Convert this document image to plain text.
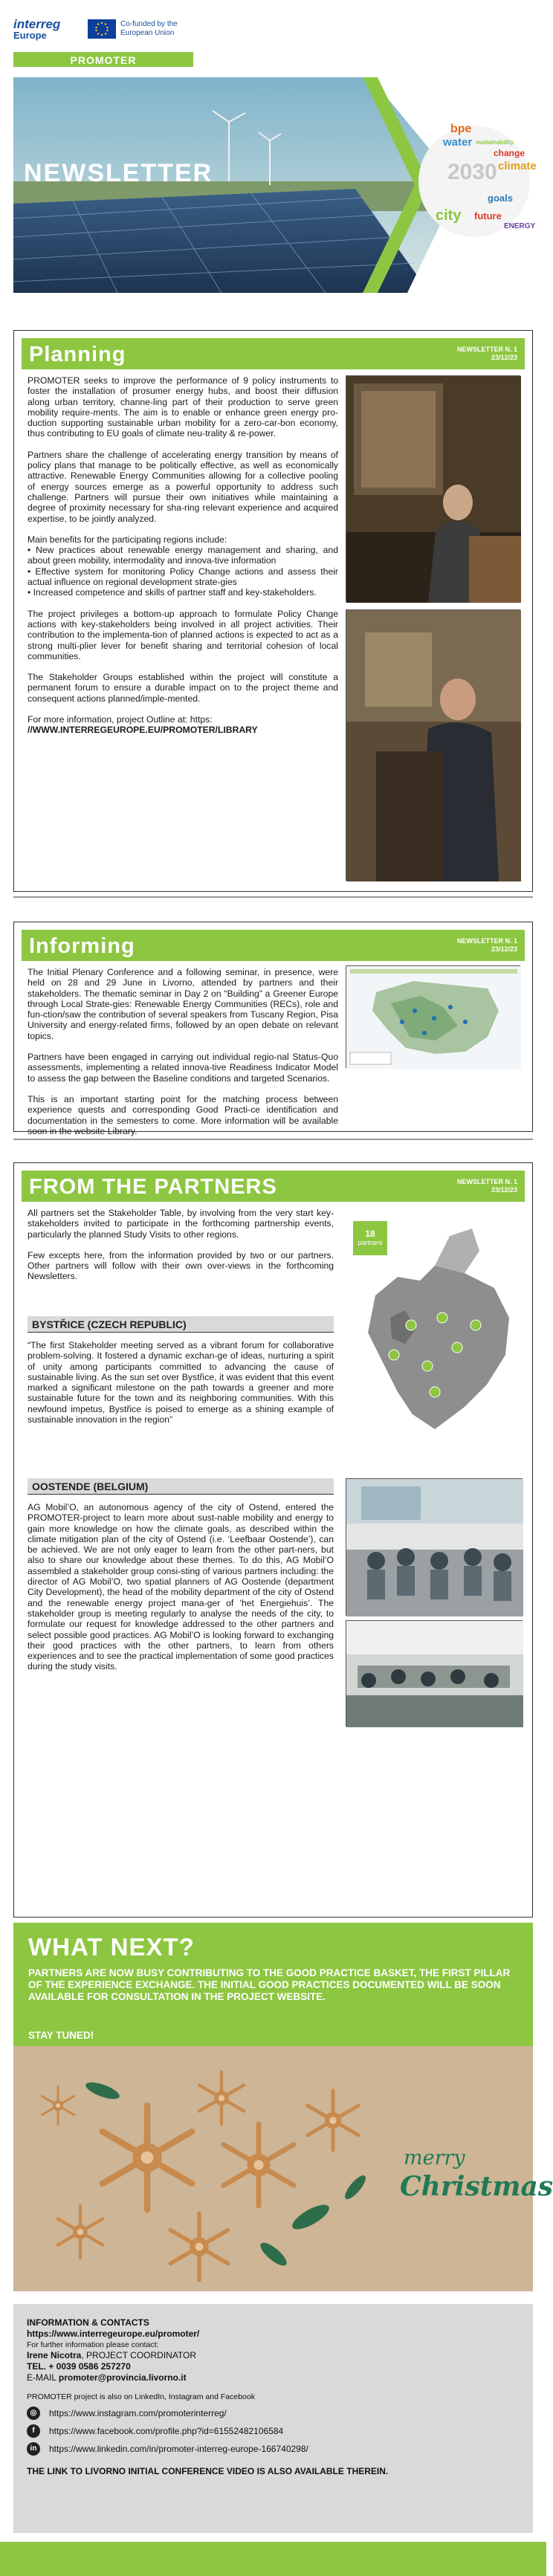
interreg
Europe
Co-funded by the European Union
PROMOTER
NEWSLETTER
bpe
water sustainability
2030 climate
change
goals
future
city
ENERGY
Planning	NEWSLETTER N. 1
23/12/23

PROMOTER seeks to improve the performance of 9 policy instruments to foster the installation of prosumer energy hubs, and boost their diffusion along urban territory, channe-ling part of their production to serve green mobility require-ments. The aim is to enable or enhance green energy pro-duction supporting sustainable urban mobility for a zero-car-bon economy, thus contributing to EU goals of climate neu-trality & re-power.

Partners share the challenge of accelerating energy transition by means of policy plans that manage to be politically effective, as well as economically attractive. Renewable Energy Communities allowing for a collective pooling of energy sources emerge as a powerful opportunity to address such challenge. Partners will pursue their own initiatives while maintaining a degree of proximity necessary for sha-ring relevant experience and acquired expertise, to be jointly analyzed.

Main benefits for the participating regions include:
• New practices about renewable energy management and sharing, and about green mobility, intermodality and innova-tive information
• Effective system for monitoring Policy Change actions and assess their actual influence on regional development strate-gies

• Increased competence and skills of partner staff and key-stakeholders.

The project privileges a bottom-up approach to formulate Policy Change actions with key-stakeholders being involved in all project activities. Their contribution to the implementa-tion of planned actions is expected to act as a strong multi-plier lever for benefit sharing and territorial cohesion of local communities.

The Stakeholder Groups established within the project will constitute a permanent forum to ensure a durable impact on to the project theme and consequent actions planned/imple-mented.

For more information, project Outline at: https:
//WWW.INTERREGEUROPE.EU/PROMOTER/LIBRARY
Informing	NEWSLETTER N. 1
23/12/23

The Initial Plenary Conference and a following seminar, in presence, were held on 28 and 29 June in Livorno, attended by partners and their stakeholders. The thematic seminar in Day 2 on “Building” a Greener Europe through Local Strate-gies: Renewable Energy Communities (RECs), role and fun-ction/saw the contribution of several speakers from Tuscany Region, Pisa University and energy-related firms, followed by an open debate on relevant topics.

Partners have been engaged in carrying out individual regio-nal Status-Quo assessments, implementing a related innova-tive Readiness Indicator Model to assess the gap between the Baseline conditions and targeted Scenarios.

This is an important starting point for the matching process between experience quests and corresponding Good Practi-ce identification and documentation in the semesters to come. More information will be available soon in the website Library.

FROM THE PARTNERS	NEWSLETTER N. 1
23/12/23

All partners set the Stakeholder Table, by involving from the very start key-stakeholders invited to participate in the forthcoming partnership events, particularly the planned Study Visits to other regions.

Few excepts here, from the information provided by two or our partners. Other partners will follow with their own over-views in the forthcoming Newsletters.

BYSTŘICE (CZECH REPUBLIC)

“The first Stakeholder meeting served as a vibrant forum for collaborative problem-solving. It fostered a dynamic exchan-ge of ideas, nurturing a spirit of unity among participants committed to advancing the cause of sustainable living. As the sun set over Bystřice, it was evident that this event marked a significant milestone on the path towards a greener and more sustainable future for the town and its neighboring communities. With this newfound impetus, Bystřice is poised to emerge as a shining example of sustainable innovation in the region”

OOSTENDE (BELGIUM)

AG Mobil’O, an autonomous agency of the city of Ostend, entered the PROMOTER-project to learn more about sust-nable mobility and energy to gain more knowledge on how the climate goals, as described within the climate mitigation plan of the city of Ostend (i.e. ‘Leefbaar Oostende’), can be achieved. We are not only eager to learn from the other part-ners, but also to share our knowledge about these themes. To do this, AG Mobil’O assembled a stakeholder group consi-sting of various partners including: the director of AG Mobil’O, two spatial planners of AG Oostende (department City Development), the head of the mobility department of the city of Ostend and the renewable energy project mana-ger of ‘het Energiehuis’. The stakeholder group is meeting regularly to analyse the needs of the city, to formulate our request for knowledge addressed to the other partners and select possible good practices. AG Mobil’O is looking forward to exchanging their good practices with the other partners, to learn from others experiences and to see the practical implementation of some good practices during the study visits.

18
partners
WHAT NEXT?
PARTNERS ARE NOW BUSY CONTRIBUTING TO THE GOOD PRACTICE BASKET, THE FIRST PILLAR OF THE EXPERIENCE EXCHANGE. THE INITIAL GOOD PRACTICES DOCUMENTED WILL BE SOON AVAILABLE FOR CONSULTATION IN THE PROJECT WEBSITE.
STAY TUNED!
merry
Christmas
INFORMATION & CONTACTS
https://www.interregeurope.eu/promoter/
For further information please contact:
Irene Nicotra, PROJECT COORDINATOR
TEL. + 0039 0586 257270
E-MAIL promoter@provincia.livorno.it
PROMOTER project is also on LinkedIn, Instagram and Facebook
◎	https://www.instagram.com/promoterinterreg/
f	https://www.facebook.com/profile.php?id=61552482106584
in	https://www.linkedin.com/in/promoter-interreg-europe-166740298/
THE LINK TO LIVORNO INITIAL CONFERENCE VIDEO IS ALSO AVAILABLE THEREIN.
